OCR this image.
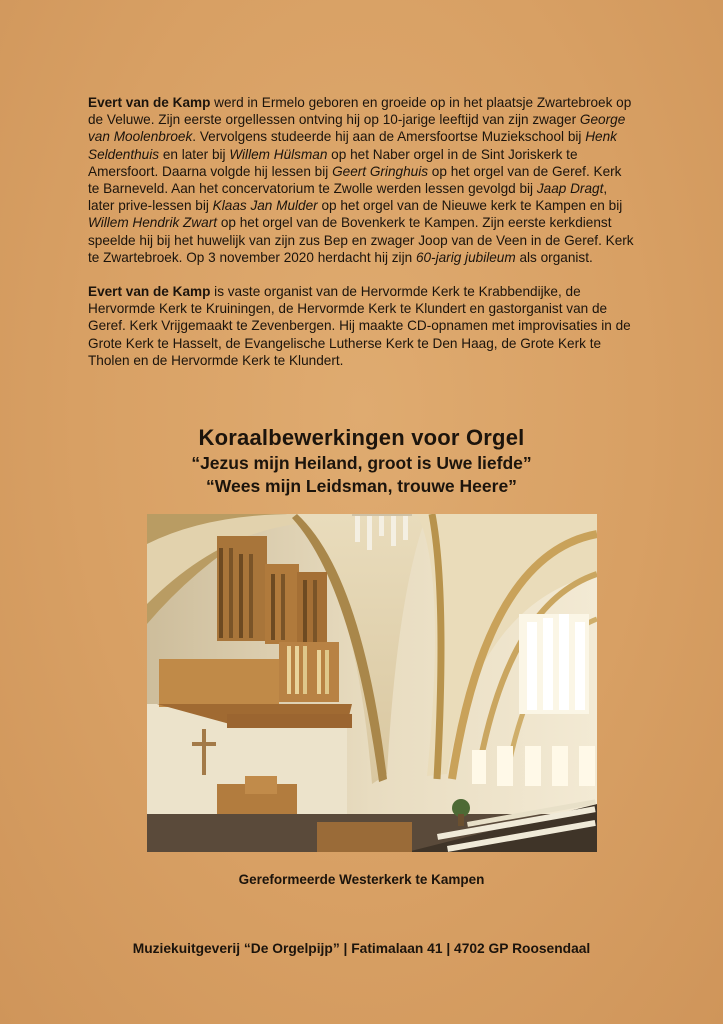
Evert van de Kamp werd in Ermelo geboren en groeide op in het plaatsje Zwartebroek op de Veluwe. Zijn eerste orgellessen ontving hij op 10-jarige leeftijd van zijn zwager George van Moolenbroek. Vervolgens studeerde hij aan de Amersfoortse Muziekschool bij Henk Seldenthuis en later bij Willem Hülsman op het Naber orgel in de Sint Joriskerk te Amersfoort. Daarna volgde hij lessen bij Geert Gringhuis op het orgel van de Geref. Kerk te Barneveld. Aan het concervatorium te Zwolle werden lessen gevolgd bij Jaap Dragt, later prive-lessen bij Klaas Jan Mulder op het orgel van de Nieuwe kerk te Kampen en bij Willem Hendrik Zwart op het orgel van de Bovenkerk te Kampen. Zijn eerste kerkdienst speelde hij bij het huwelijk van zijn zus Bep en zwager Joop van de Veen in de Geref. Kerk te Zwartebroek. Op 3 november 2020 herdacht hij zijn 60-jarig jubileum als organist.

Evert van de Kamp is vaste organist van de Hervormde Kerk te Krabbendijke, de Hervormde Kerk te Kruiningen, de Hervormde Kerk te Klundert en gastorganist van de Geref. Kerk Vrijgemaakt te Zevenbergen. Hij maakte CD-opnamen met improvisaties in de Grote Kerk te Hasselt, de Evangelische Lutherse Kerk te Den Haag, de Grote Kerk te Tholen en de Hervormde Kerk te Klundert.

Koraalbewerkingen voor Orgel

“Jezus mijn Heiland, groot is Uwe liefde”

“Wees mijn Leidsman, trouwe Heere”

Gereformeerde Westerkerk te Kampen
Muziekuitgeverij “De Orgelpijp” | Fatimalaan 41 | 4702 GP Roosendaal
